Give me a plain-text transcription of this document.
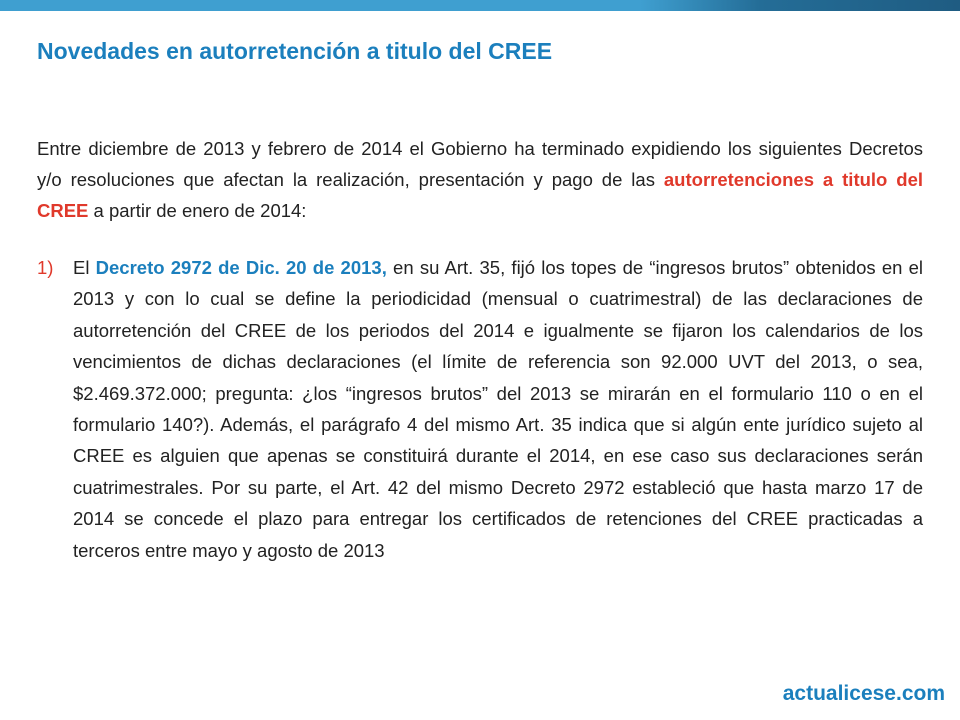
Novedades en autorretención a titulo del CREE

Entre diciembre de 2013 y febrero de 2014 el Gobierno ha terminado expidiendo los siguientes Decretos y/o resoluciones que afectan la realización, presentación y pago de las autorretenciones a titulo del CREE a partir de enero de 2014:

1)	El Decreto 2972 de Dic. 20 de 2013, en su Art. 35, fijó los topes de “ingresos brutos” obtenidos en el 2013 y con lo cual se define la periodicidad (mensual o cuatrimestral) de las declaraciones de autorretención del CREE de los periodos del 2014 e igualmente se fijaron los calendarios de los vencimientos de dichas declaraciones (el límite de referencia son 92.000 UVT del 2013, o sea, $2.469.372.000; pregunta: ¿los “ingresos brutos” del 2013 se mirarán en el formulario 110 o en el formulario 140?). Además, el parágrafo 4 del mismo Art. 35 indica que si algún ente jurídico sujeto al CREE es alguien que apenas se constituirá durante el 2014, en ese caso sus declaraciones serán cuatrimestrales. Por su parte, el Art. 42 del mismo Decreto 2972 estableció que hasta marzo 17 de 2014 se concede el plazo para entregar los certificados de retenciones del CREE practicadas a terceros entre mayo y agosto de 2013

actualicese.com
